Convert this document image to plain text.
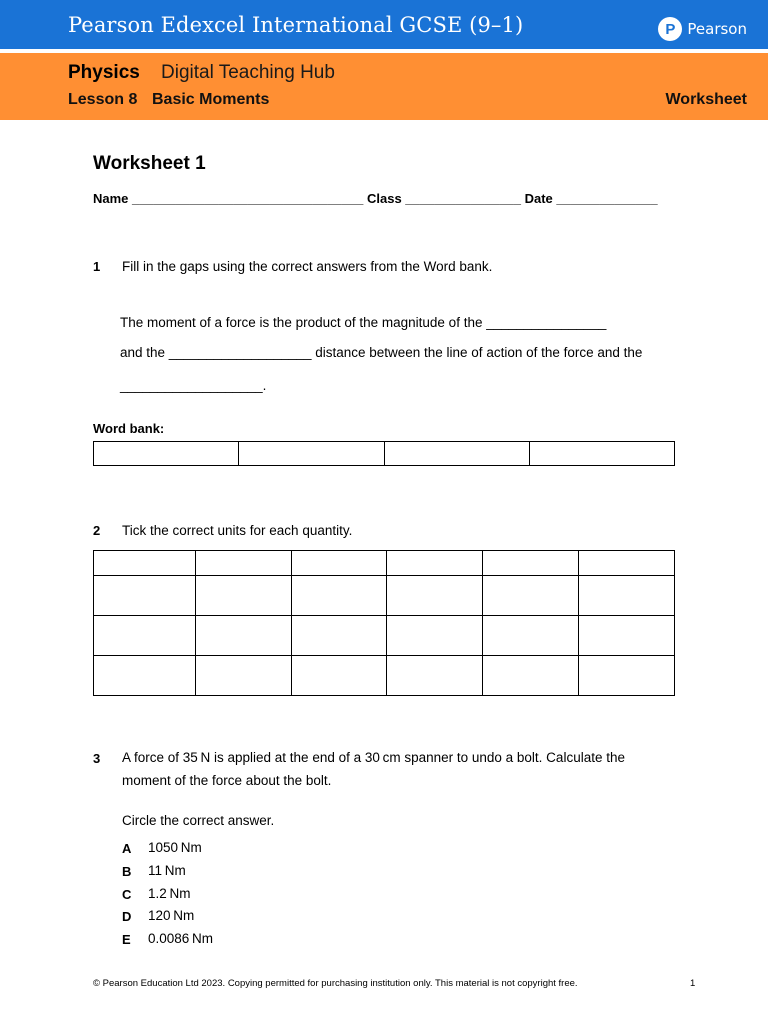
Pearson Edexcel International GCSE (9–1)	P Pearson
Physics Digital Teaching Hub
Lesson 8 Basic Moments	Worksheet
Worksheet 1
Name ________________________________ Class ________________ Date ______________
1 Fill in the gaps using the correct answers from the Word bank.
The moment of a force is the product of the magnitude of the ________________
and the ___________________ distance between the line of action of the force and the
___________________.
Word bank:

2 Tick the correct units for each quantity.

3 A force of 35 N is applied at the end of a 30 cm spanner to undo a bolt. Calculate the
moment of the force about the bolt.
Circle the correct answer.
A 1050 Nm
B 11 Nm
C 1.2 Nm
D 120 Nm
E 0.0086 Nm
© Pearson Education Ltd 2023. Copying permitted for purchasing institution only. This material is not copyright free.	1
